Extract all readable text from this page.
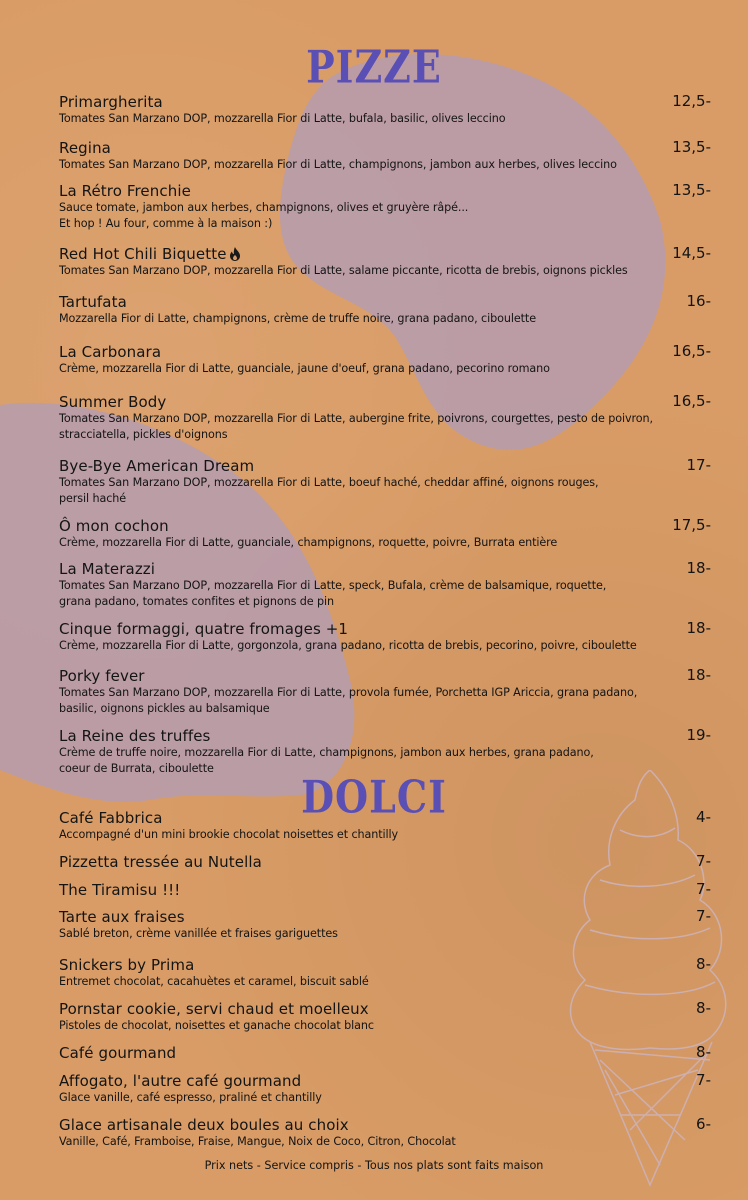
PIZZE
DOLCI
Primargherita	12,5-
Tomates San Marzano DOP, mozzarella Fior di Latte, bufala, basilic, olives leccino
Regina	13,5-
Tomates San Marzano DOP, mozzarella Fior di Latte, champignons, jambon aux herbes, olives leccino
La Rétro Frenchie	13,5-
Sauce tomate, jambon aux herbes, champignons, olives et gruyère râpé...
Et hop ! Au four, comme à la maison :)
Red Hot Chili Biquette	14,5-
Tomates San Marzano DOP, mozzarella Fior di Latte, salame piccante, ricotta de brebis, oignons pickles
Tartufata	16-
Mozzarella Fior di Latte, champignons, crème de truffe noire, grana padano, ciboulette
La Carbonara	16,5-
Crème, mozzarella Fior di Latte, guanciale, jaune d'oeuf, grana padano, pecorino romano
Summer Body	16,5-
Tomates San Marzano DOP, mozzarella Fior di Latte, aubergine frite, poivrons, courgettes, pesto de poivron,
stracciatella, pickles d'oignons
Bye-Bye American Dream	17-
Tomates San Marzano DOP, mozzarella Fior di Latte, boeuf haché, cheddar affiné, oignons rouges,
persil haché
Ô mon cochon	17,5-
Crème, mozzarella Fior di Latte, guanciale, champignons, roquette, poivre, Burrata entière
La Materazzi	18-
Tomates San Marzano DOP, mozzarella Fior di Latte, speck, Bufala, crème de balsamique, roquette,
grana padano, tomates confites et pignons de pin
Cinque formaggi, quatre fromages +1	18-
Crème, mozzarella Fior di Latte, gorgonzola, grana padano, ricotta de brebis, pecorino, poivre, ciboulette
Porky fever	18-
Tomates San Marzano DOP, mozzarella Fior di Latte, provola fumée, Porchetta IGP Ariccia, grana padano,
basilic, oignons pickles au balsamique
La Reine des truffes	19-
Crème de truffe noire, mozzarella Fior di Latte, champignons, jambon aux herbes, grana padano,
coeur de Burrata, ciboulette
Café Fabbrica	4-
Accompagné d'un mini brookie chocolat noisettes et chantilly
Pizzetta tressée au Nutella	7-
The Tiramisu !!!	7-
Tarte aux fraises	7-
Sablé breton, crème vanillée et fraises gariguettes
Snickers by Prima	8-
Entremet chocolat, cacahuètes et caramel, biscuit sablé
Pornstar cookie, servi chaud et moelleux	8-
Pistoles de chocolat, noisettes et ganache chocolat blanc
Café gourmand	8-
Affogato, l'autre café gourmand	7-
Glace vanille, café espresso, praliné et chantilly
Glace artisanale deux boules au choix	6-
Vanille, Café, Framboise, Fraise, Mangue, Noix de Coco, Citron, Chocolat
Prix nets - Service compris - Tous nos plats sont faits maison
